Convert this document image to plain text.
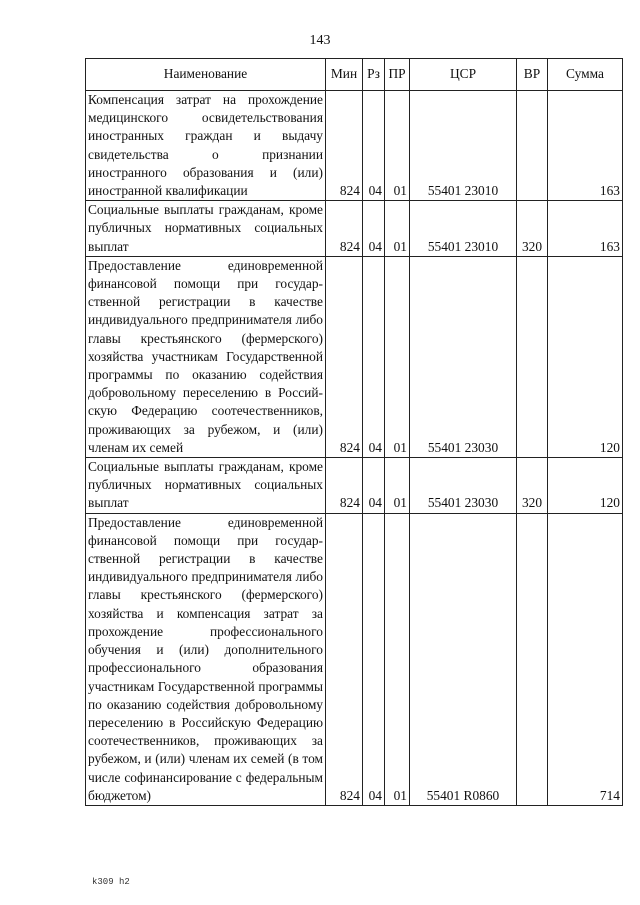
143
Наименование	Мин	Рз	ПР	ЦСР	ВР	Сумма
Компенсация затрат на прохождение медицинского освидетельствования иностранных граждан и выдачу свидетельства о признании иностранного образования и (или) иностранной квалификации	824	04	01	55401 23010		163
Социальные выплаты гражданам, кроме публичных нормативных социальных выплат	824	04	01	55401 23010	320	163
Предоставление единовременной финансовой помощи при государственной регистрации в качестве индивидуального предпринимателя либо главы крестьянского (фермерского) хозяйства участникам Государственной программы по оказанию содействия добровольному переселению в Российскую Федерацию соотечественников, проживающих за рубежом, и (или) членам их семей	824	04	01	55401 23030		120
Социальные выплаты гражданам, кроме публичных нормативных социальных выплат	824	04	01	55401 23030	320	120
Предоставление единовременной финансовой помощи при государственной регистрации в качестве индивидуального предпринимателя либо главы крестьянского (фермерского) хозяйства и компенсация затрат за прохождение профессионального обучения и (или) дополнительного профессионального образования участникам Государственной программы по оказанию содействия добровольному переселению в Российскую Федерацию соотечественников, проживающих за рубежом, и (или) членам их семей (в том числе софинансирование с федеральным бюджетом)	824	04	01	55401 R0860		714
k309 h2
